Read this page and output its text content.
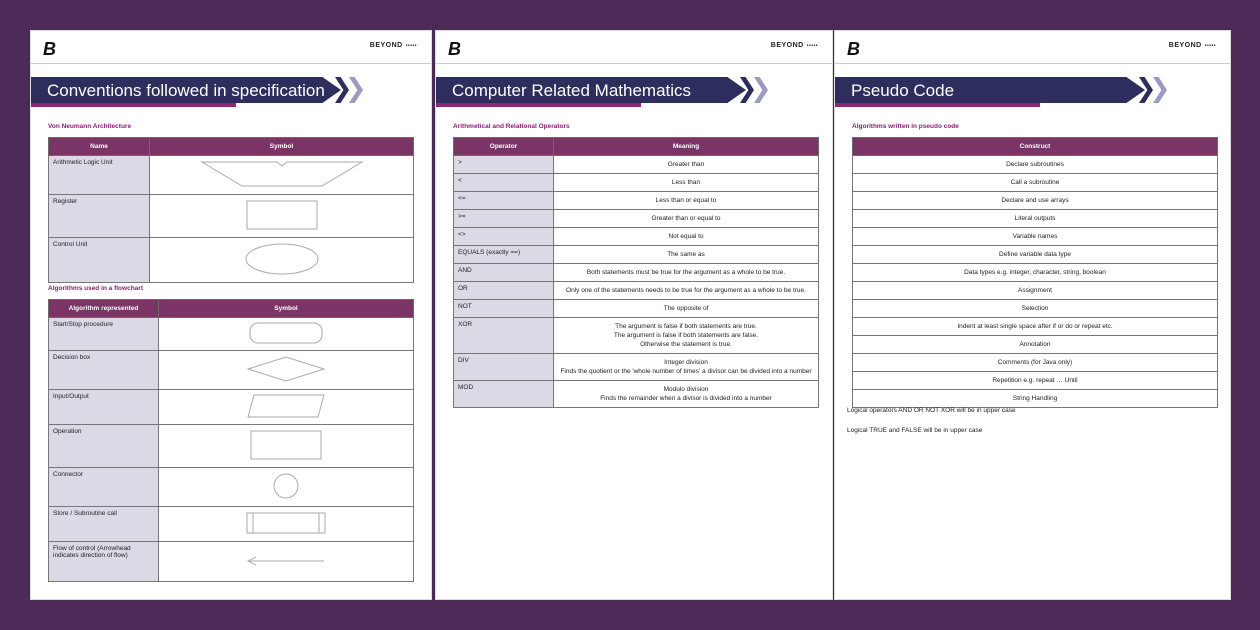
B	BEYOND •••••
Conventions followed in specification
Von Neumann Architecture
Name	Symbol
Arithmetic Logic Unit	
Register	
Control Unit	
Algorithms used in a flowchart
Algorithm represented	Symbol
Start/Stop procedure	
Decision box	
Input/Output	
Operation	
Connector	
Store / Subroutine call	
Flow of control (Arrowhead indicates direction of flow)	
B	BEYOND •••••
Computer Related Mathematics
Arithmetical and Relational Operators
Operator	Meaning
>	Greater than

<	Less than

<=	Less than or equal to

>=	Greater than or equal to

<>	Not equal to

EQUALS (exactly ==)	The same as

AND	Both statements must be true for the argument as a whole to be true.

OR	Only one of the statements needs to be true for the argument as a whole to be true.

NOT	The opposite of

XOR	The argument is false if both statements are true.

The argument is false if both statements are false.

Otherwise the statement is true.

DIV	Integer division

Finds the quotient or the 'whole number of times' a divisor can be divided into a number

MOD	Modulo division

Finds the remainder when a divisor is divided into a number

B	BEYOND •••••
Pseudo Code
Algorithms written in pseudo code
Construct
Declare subroutines
Call a subroutine
Declare and use arrays
Literal outputs
Variable names
Define variable data type
Data types e.g. integer, character, string, boolean
Assignment
Selection
Indent at least single space after if or do or repeat etc.
Annotation
Comments (for Java only)
Repetition e.g. repeat … Until
String Handling
Logical operators AND OR NOT XOR will be in upper case
Logical TRUE and FALSE will be in upper case
